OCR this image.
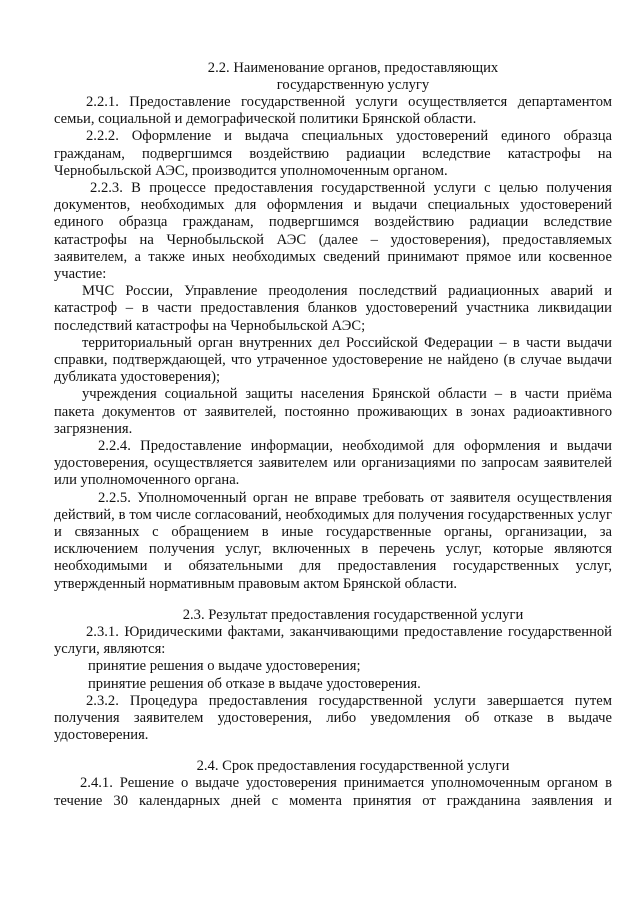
2.2. Наименование органов, предоставляющих
государственную услугу

2.2.1. Предоставление государственной услуги осуществляется департаментом семьи, социальной и демографической политики Брянской области.

2.2.2. Оформление и выдача специальных удостоверений единого образца гражданам, подвергшимся воздействию радиации вследствие катастрофы на Чернобыльской АЭС, производится уполномоченным органом.

2.2.3. В процессе предоставления государственной услуги с целью получения документов, необходимых для оформления и выдачи специальных удостоверений единого образца гражданам, подвергшимся воздействию радиации вследствие катастрофы на Чернобыльской АЭС (далее – удостоверения), предоставляемых заявителем, а также иных необходимых сведений принимают прямое или косвенное участие:

МЧС России, Управление преодоления последствий радиационных аварий и катастроф – в части предоставления бланков удостоверений участника ликвидации последствий катастрофы на Чернобыльской АЭС;

территориальный орган внутренних дел Российской Федерации – в части выдачи справки, подтверждающей, что утраченное удостоверение не найдено (в случае выдачи дубликата удостоверения);

учреждения социальной защиты населения Брянской области – в части приёма пакета документов от заявителей, постоянно проживающих в зонах радиоактивного загрязнения.

2.2.4. Предоставление информации, необходимой для оформления и выдачи удостоверения, осуществляется заявителем или организациями по запросам заявителей или уполномоченного органа.

2.2.5. Уполномоченный орган не вправе требовать от заявителя осуществления действий, в том числе согласований, необходимых для получения государственных услуг и связанных с обращением в иные государственные органы, организации, за исключением получения услуг, включенных в перечень услуг, которые являются необходимыми и обязательными для предоставления государственных услуг, утвержденный нормативным правовым актом Брянской области.

2.3. Результат предоставления государственной услуги

2.3.1. Юридическими фактами, заканчивающими предоставление государственной услуги, являются:

принятие решения о выдаче удостоверения;

принятие решения об отказе в выдаче удостоверения.

2.3.2. Процедура предоставления государственной услуги завершается путем получения заявителем удостоверения, либо уведомления об отказе в выдаче удостоверения.

2.4. Срок предоставления государственной услуги

2.4.1. Решение о выдаче удостоверения принимается уполномоченным органом в течение 30 календарных дней с момента принятия от гражданина заявления и
